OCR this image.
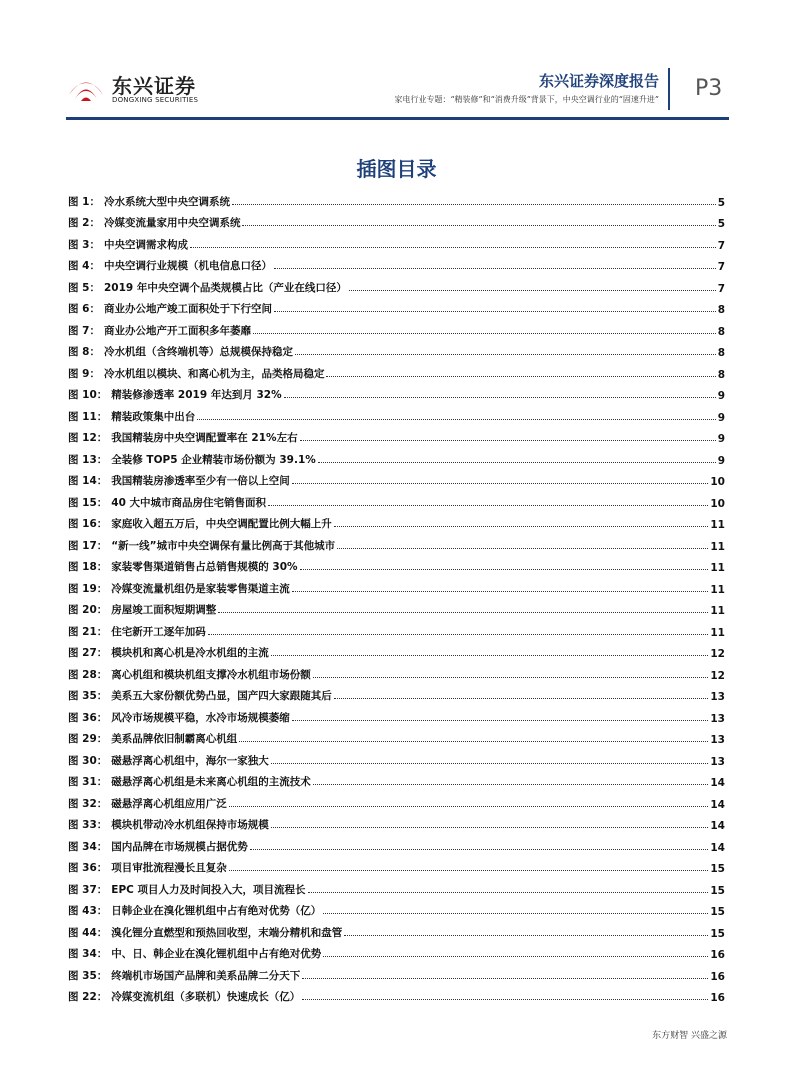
东兴证券
DONGXING SECURITIES
东兴证券深度报告
家电行业专题：“精装修”和“消费升级”背景下，中央空调行业的“固速升进” P3
插图目录
图 1： 冷水系统大型中央空调系统	5
图 2： 冷媒变流量家用中央空调系统	5
图 3： 中央空调需求构成	7
图 4： 中央空调行业规模（机电信息口径）	7
图 5： 2019 年中央空调个品类规模占比（产业在线口径）	7
图 6： 商业办公地产竣工面积处于下行空间	8
图 7： 商业办公地产开工面积多年萎靡	8
图 8： 冷水机组（含终端机等）总规模保持稳定	8
图 9： 冷水机组以模块、和离心机为主，品类格局稳定	8
图 10： 精装修渗透率 2019 年达到月 32%	9
图 11： 精装政策集中出台	9
图 12： 我国精装房中央空调配置率在 21%左右	9
图 13： 全装修 TOP5 企业精装市场份额为 39.1%	9
图 14： 我国精装房渗透率至少有一倍以上空间	10
图 15： 40 大中城市商品房住宅销售面积	10
图 16： 家庭收入超五万后，中央空调配置比例大幅上升	11
图 17： “新一线”城市中央空调保有量比例高于其他城市	11
图 18： 家装零售渠道销售占总销售规模的 30%	11
图 19： 冷媒变流量机组仍是家装零售渠道主流	11
图 20： 房屋竣工面积短期调整	11
图 21： 住宅新开工逐年加码	11
图 27： 模块机和离心机是冷水机组的主流	12
图 28： 离心机组和模块机组支撑冷水机组市场份额	12
图 35： 美系五大家份额优势凸显，国产四大家跟随其后	13
图 36： 风冷市场规模平稳，水冷市场规模萎缩	13
图 29： 美系品牌依旧制霸离心机组	13
图 30： 磁悬浮离心机组中，海尔一家独大	13
图 31： 磁悬浮离心机组是未来离心机组的主流技术	14
图 32： 磁悬浮离心机组应用广泛	14
图 33： 模块机带动冷水机组保持市场规模	14
图 34： 国内品牌在市场规模占据优势	14
图 36： 项目审批流程漫长且复杂	15
图 37： EPC 项目人力及时间投入大，项目流程长	15
图 43： 日韩企业在溴化锂机组中占有绝对优势（亿）	15
图 44： 溴化锂分直燃型和预热回收型，末端分精机和盘管	15
图 34： 中、日、韩企业在溴化锂机组中占有绝对优势	16
图 35： 终端机市场国产品牌和美系品牌二分天下	16
图 22： 冷媒变流机组（多联机）快速成长（亿）	16
东方财智 兴盛之源
